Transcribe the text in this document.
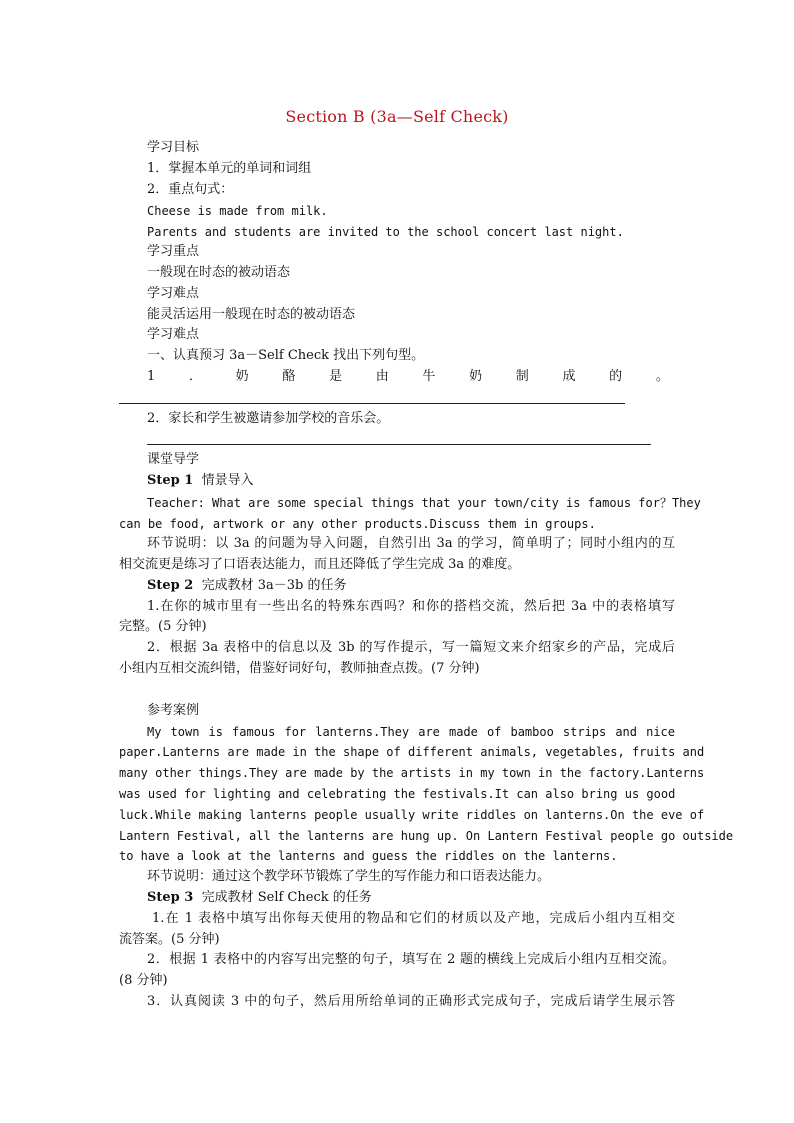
Section B (3a—Self Check)
学习目标
1．掌握本单元的单词和词组
2．重点句式：
Cheese is made from milk.
Parents and students are invited to the school concert last night.
学习重点
一般现在时态的被动语态
学习难点
能灵活运用一般现在时态的被动语态
学习难点
一、认真预习 3a－Self Check 找出下列句型。
1	．	奶	酪	是	由	牛	奶	制	成	的	。
2．家长和学生被邀请参加学校的音乐会。
课堂导学
Step 1 情景导入
Teacher: What are some special things that your town/city is famous for？They
can be food, artwork or any other products.Discuss them in groups.
环节说明：以 3a 的问题为导入问题，自然引出 3a 的学习，简单明了；同时小组内的互
相交流更是练习了口语表达能力，而且还降低了学生完成 3a 的难度。
Step 2 完成教材 3a－3b 的任务
1.在你的城市里有一些出名的特殊东西吗？和你的搭档交流，然后把 3a 中的表格填写
完整。(5 分钟)
2．根据 3a 表格中的信息以及 3b 的写作提示，写一篇短文来介绍家乡的产品，完成后
小组内互相交流纠错，借鉴好词好句，教师抽查点拨。(7 分钟)
参考案例
My town is famous for lanterns.They are made of bamboo strips and nice
paper.Lanterns are made in the shape of different animals, vegetables, fruits and
many other things.They are made by the artists in my town in the factory.Lanterns
was used for lighting and celebrating the festivals.It can also bring us good
luck.While making lanterns people usually write riddles on lanterns.On the eve of
Lantern Festival, all the lanterns are hung up. On Lantern Festival people go outside
to have a look at the lanterns and guess the riddles on the lanterns.
环节说明：通过这个教学环节锻炼了学生的写作能力和口语表达能力。
Step 3 完成教材 Self Check 的任务
1.在 1 表格中填写出你每天使用的物品和它们的材质以及产地，完成后小组内互相交
流答案。(5 分钟)
2．根据 1 表格中的内容写出完整的句子，填写在 2 题的横线上完成后小组内互相交流。
(8 分钟)
3．认真阅读 3 中的句子，然后用所给单词的正确形式完成句子，完成后请学生展示答
